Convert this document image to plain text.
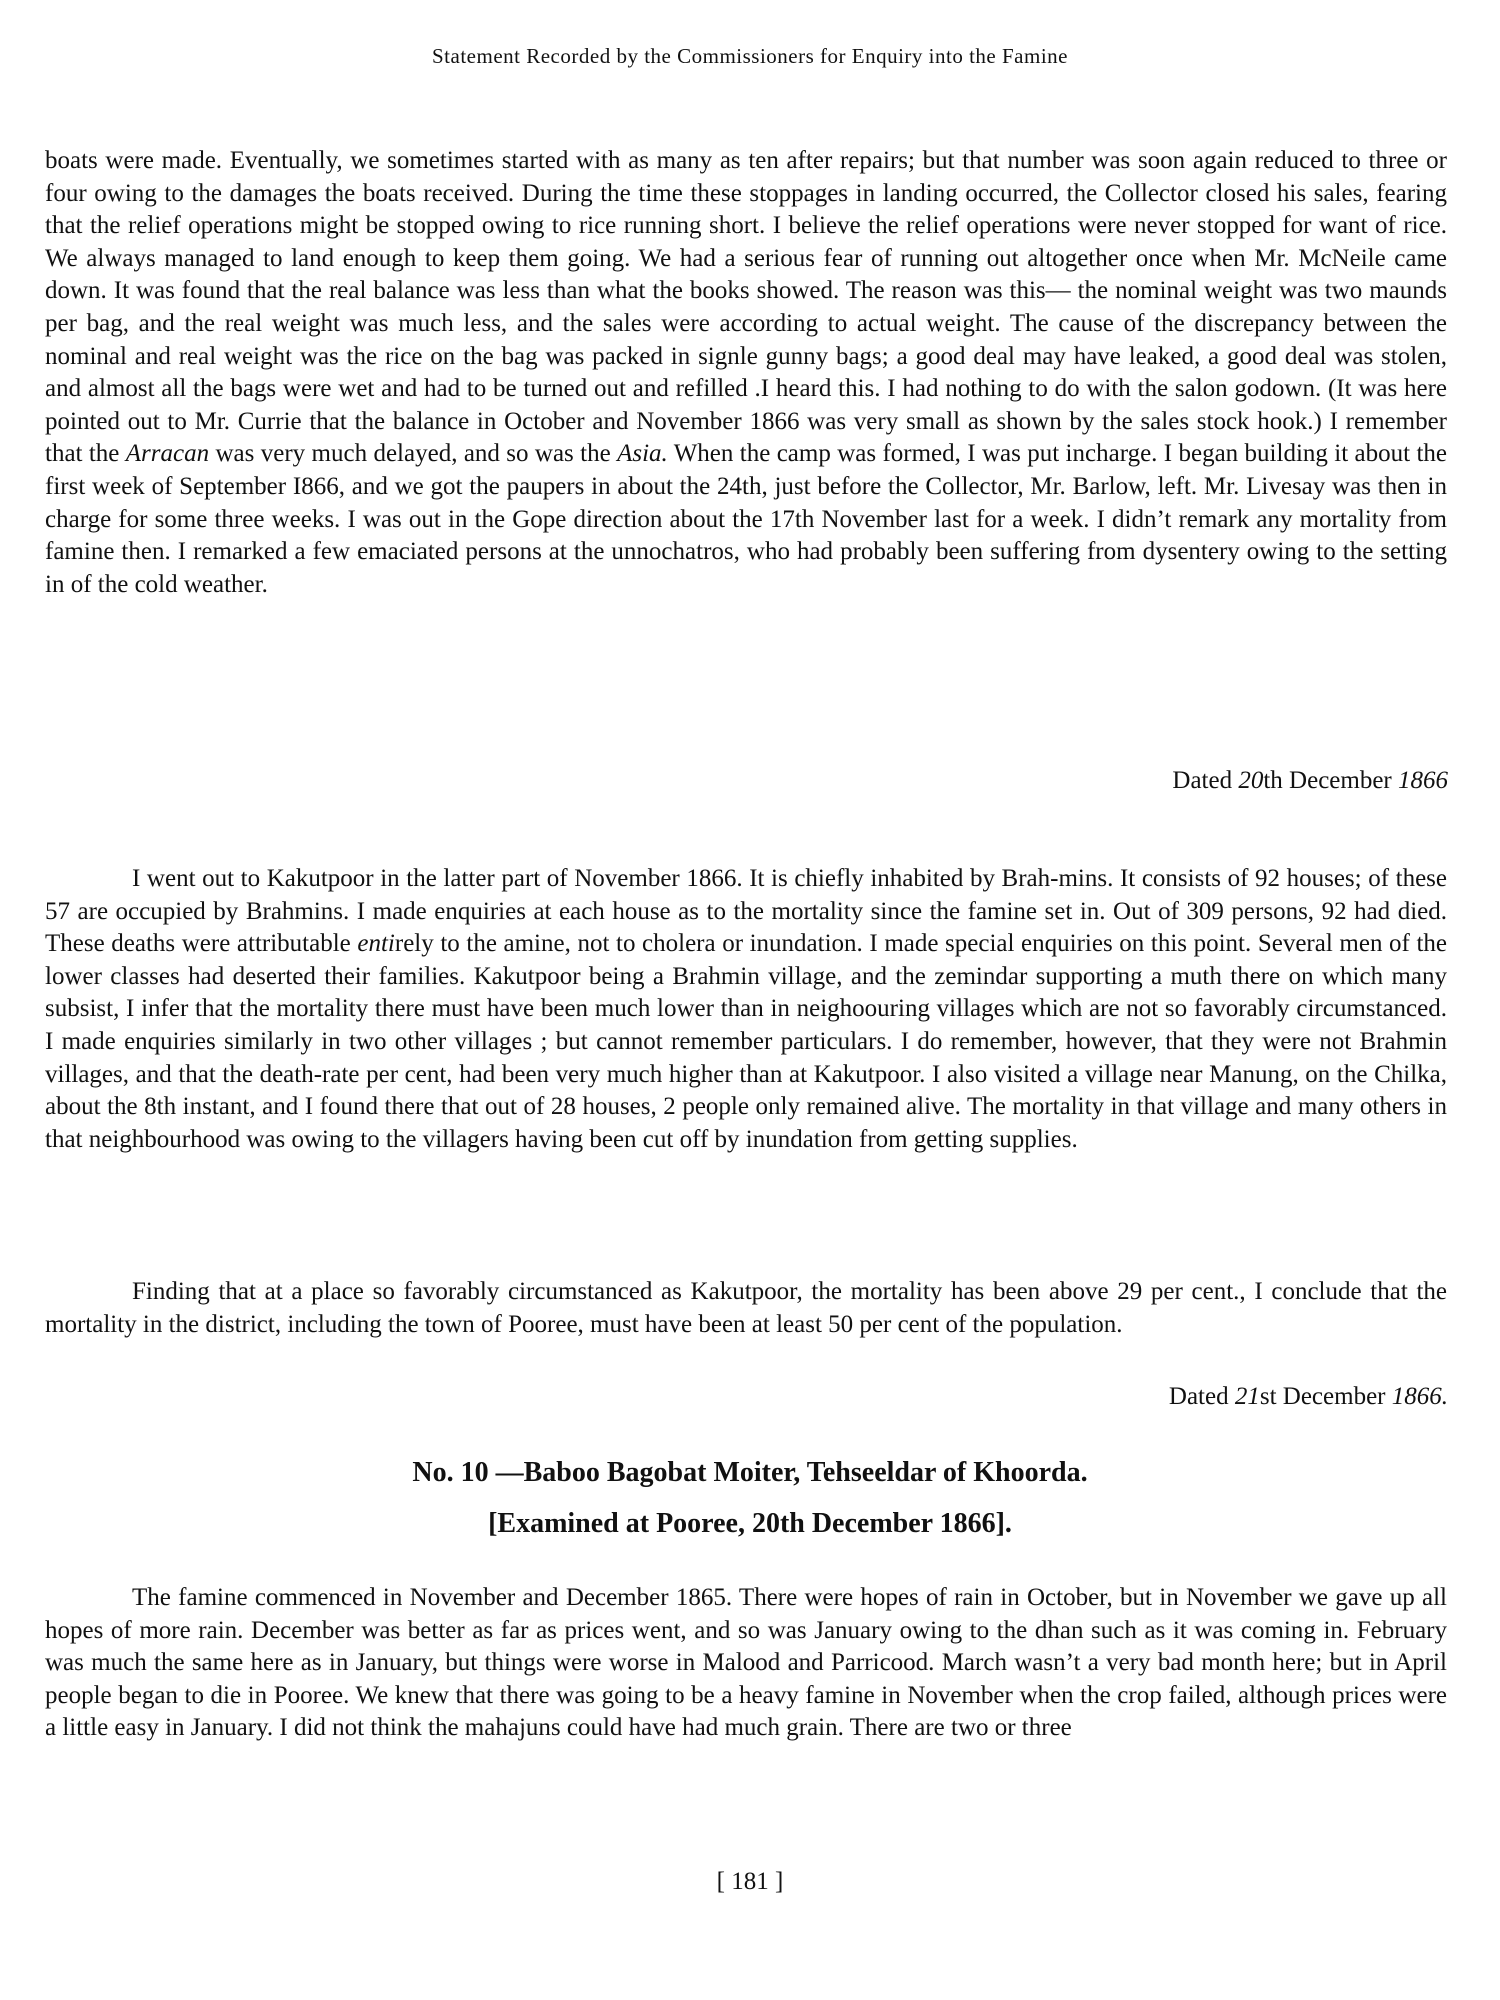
Statement Recorded by the Commissioners for Enquiry into the Famine

boats were made. Eventually, we sometimes started with as many as ten after repairs; but that number was soon again reduced to three or four owing to the damages the boats received. During the time these stoppages in landing occurred, the Collector closed his sales, fearing that the relief operations might be stopped owing to rice running short. I believe the relief operations were never stopped for want of rice. We always managed to land enough to keep them going. We had a serious fear of running out altogether once when Mr. McNeile came down. It was found that the real balance was less than what the books showed. The reason was this— the nominal weight was two maunds per bag, and the real weight was much less, and the sales were according to actual weight. The cause of the discrepancy between the nominal and real weight was the rice on the bag was packed in signle gunny bags; a good deal may have leaked, a good deal was stolen, and almost all the bags were wet and had to be turned out and refilled .I heard this. I had nothing to do with the salon godown. (It was here pointed out to Mr. Currie that the balance in October and November 1866 was very small as shown by the sales stock hook.) I remember that the Arracan was very much delayed, and so was the Asia. When the camp was formed, I was put incharge. I began building it about the first week of September I866, and we got the paupers in about the 24th, just before the Collector, Mr. Barlow, left. Mr. Livesay was then in charge for some three weeks. I was out in the Gope direction about the 17th November last for a week. I didn’t remark any mortality from famine then. I remarked a few emaciated persons at the unnochatros, who had probably been suffering from dysentery owing to the setting in of the cold weather.

Dated 20th December 1866

I went out to Kakutpoor in the latter part of November 1866. It is chiefly inhabited by Brah-mins. It consists of 92 houses; of these 57 are occupied by Brahmins. I made enquiries at each house as to the mortality since the famine set in. Out of 309 persons, 92 had died. These deaths were attributable entirely to the amine, not to cholera or inundation. I made special enquiries on this point. Several men of the lower classes had deserted their families. Kakutpoor being a Brahmin village, and the zemindar supporting a muth there on which many subsist, I infer that the mortality there must have been much lower than in neighoouring villages which are not so favorably circumstanced. I made enquiries similarly in two other villages ; but cannot remember particulars. I do remember, however, that they were not Brahmin villages, and that the death-rate per cent, had been very much higher than at Kakutpoor. I also visited a village near Manung, on the Chilka, about the 8th instant, and I found there that out of 28 houses, 2 people only remained alive. The mortality in that village and many others in that neighbourhood was owing to the villagers having been cut off by inundation from getting supplies.

Finding that at a place so favorably circumstanced as Kakutpoor, the mortality has been above 29 per cent., I conclude that the mortality in the district, including the town of Pooree, must have been at least 50 per cent of the population.

Dated 21st December 1866.
No. 10 —Baboo Bagobat Moiter, Tehseeldar of Khoorda.
[Examined at Pooree, 20th December 1866].

The famine commenced in November and December 1865. There were hopes of rain in October, but in November we gave up all hopes of more rain. December was better as far as prices went, and so was January owing to the dhan such as it was coming in. February was much the same here as in January, but things were worse in Malood and Parricood. March wasn’t a very bad month here; but in April people began to die in Pooree. We knew that there was going to be a heavy famine in November when the crop failed, although prices were a little easy in January. I did not think the mahajuns could have had much grain. There are two or three

[ 181 ]
